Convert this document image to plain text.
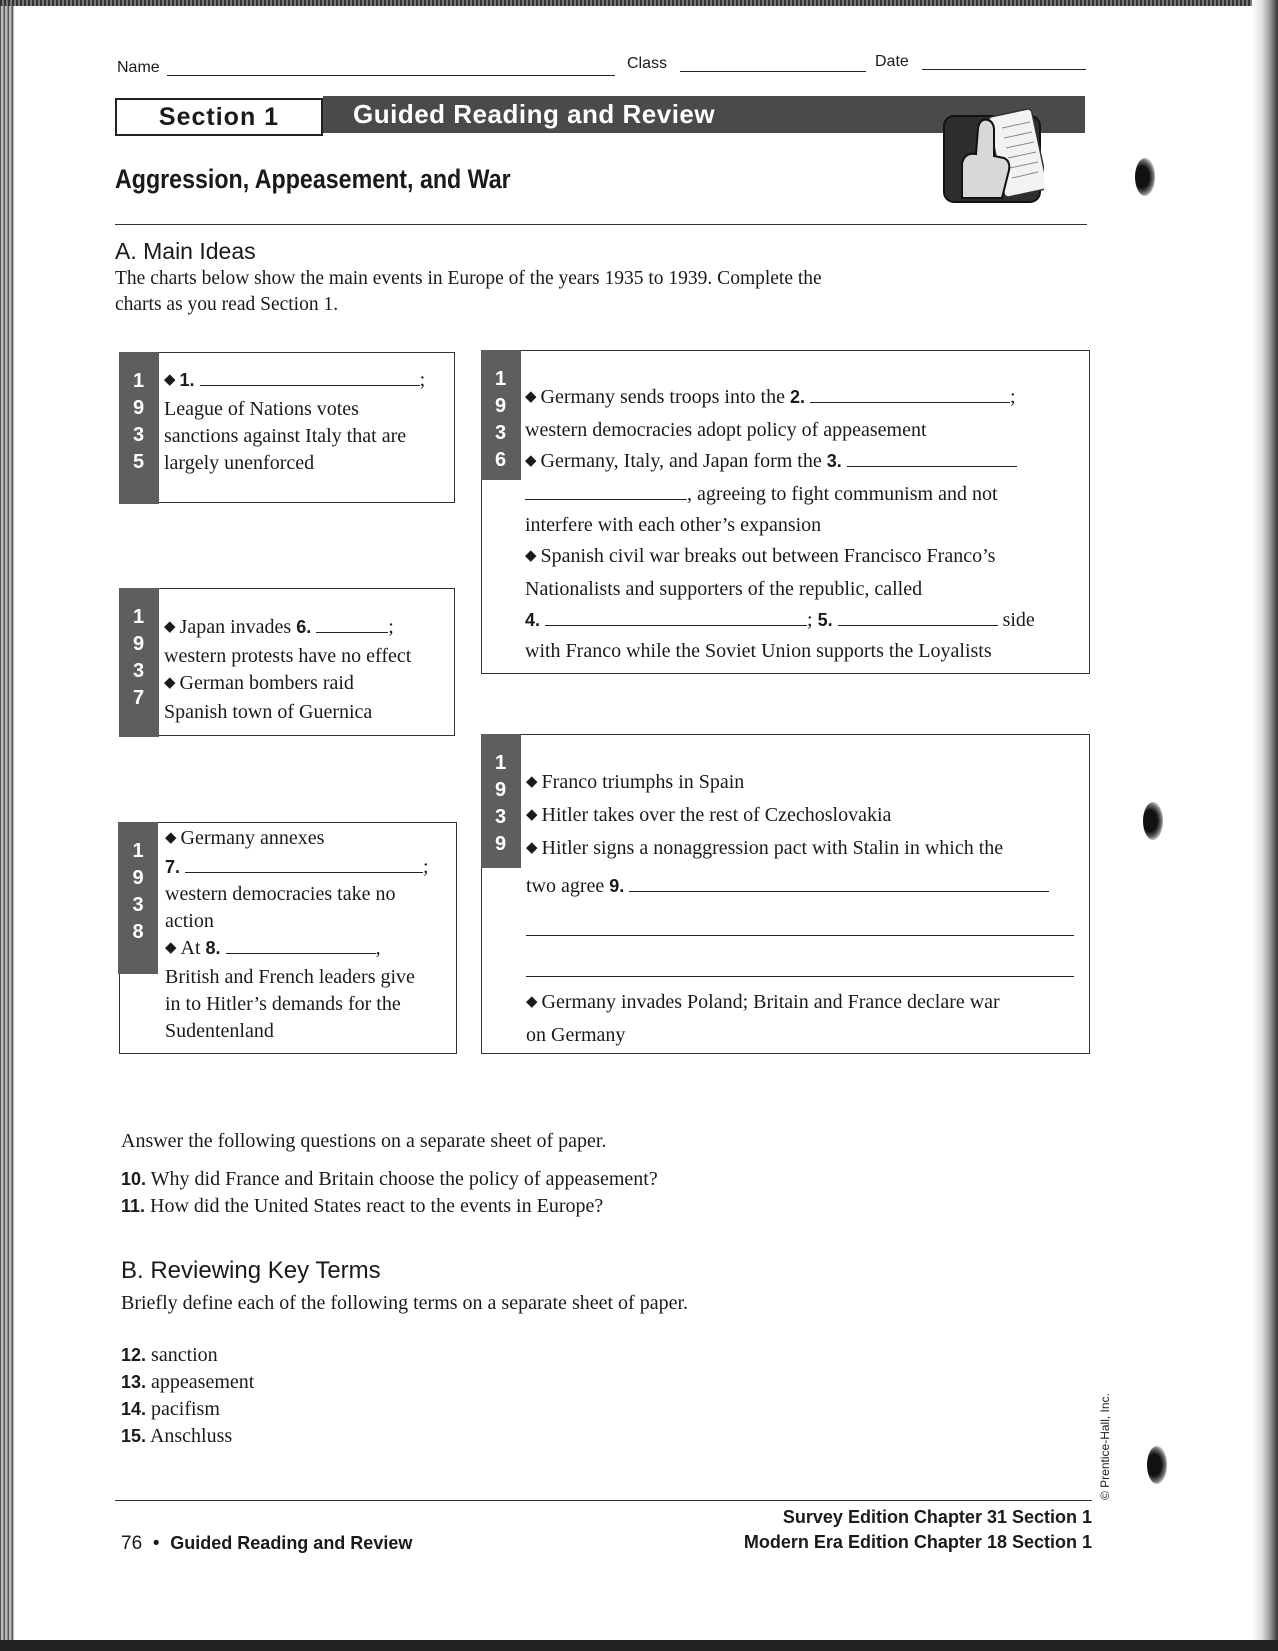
Name	Class	Date
Section 1	Guided Reading and Review
Aggression, Appeasement, and War
A. Main Ideas
The charts below show the main events in Europe of the years 1935 to 1939. Complete the
charts as you read Section 1.
1
9
3
5
◆ 1.	;
League of Nations votes
sanctions against Italy that are
largely unenforced
1
9
3
6
◆ Germany sends troops into the 2.	;
western democracies adopt policy of appeasement
◆ Germany, Italy, and Japan form the 3.
, agreeing to fight communism and not
interfere with each other’s expansion
◆ Spanish civil war breaks out between Francisco Franco’s
Nationalists and supporters of the republic, called
4.	; 5.	side
with Franco while the Soviet Union supports the Loyalists
1
9
3
7
◆ Japan invades 6.	;
western protests have no effect
◆ German bombers raid
Spanish town of Guernica
1
9
3
9
◆ Franco triumphs in Spain
◆ Hitler takes over the rest of Czechoslovakia
◆ Hitler signs a nonaggression pact with Stalin in which the
two agree 9.
◆ Germany invades Poland; Britain and France declare war
on Germany
1
9
3
8
◆ Germany annexes
7.	;
western democracies take no
action
◆ At 8.	,
British and French leaders give
in to Hitler’s demands for the
Sudentenland
Answer the following questions on a separate sheet of paper.
10. Why did France and Britain choose the policy of appeasement?
11. How did the United States react to the events in Europe?
B. Reviewing Key Terms
Briefly define each of the following terms on a separate sheet of paper.
12. sanction
13. appeasement
14. pacifism
15. Anschluss	© Prentice-Hall, Inc.
76 • Guided Reading and Review
Survey Edition Chapter 31 Section 1
Modern Era Edition Chapter 18 Section 1
